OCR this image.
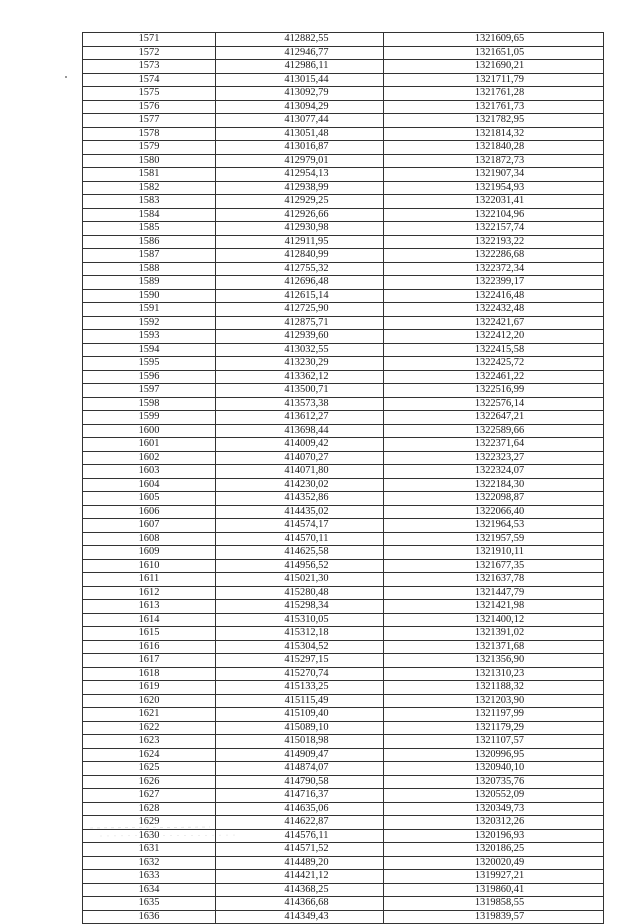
1571	412882,55	1321609,65
1572	412946,77	1321651,05
1573	412986,11	1321690,21
1574	413015,44	1321711,79
1575	413092,79	1321761,28
1576	413094,29	1321761,73
1577	413077,44	1321782,95
1578	413051,48	1321814,32
1579	413016,87	1321840,28
1580	412979,01	1321872,73
1581	412954,13	1321907,34
1582	412938,99	1321954,93
1583	412929,25	1322031,41
1584	412926,66	1322104,96
1585	412930,98	1322157,74
1586	412911,95	1322193,22
1587	412840,99	1322286,68
1588	412755,32	1322372,34
1589	412696,48	1322399,17
1590	412615,14	1322416,48
1591	412725,90	1322432,48
1592	412875,71	1322421,67
1593	412939,60	1322412,20
1594	413032,55	1322415,58
1595	413230,29	1322425,72
1596	413362,12	1322461,22
1597	413500,71	1322516,99
1598	413573,38	1322576,14
1599	413612,27	1322647,21
1600	413698,44	1322589,66
1601	414009,42	1322371,64
1602	414070,27	1322323,27
1603	414071,80	1322324,07
1604	414230,02	1322184,30
1605	414352,86	1322098,87
1606	414435,02	1322066,40
1607	414574,17	1321964,53
1608	414570,11	1321957,59
1609	414625,58	1321910,11
1610	414956,52	1321677,35
1611	415021,30	1321637,78
1612	415280,48	1321447,79
1613	415298,34	1321421,98
1614	415310,05	1321400,12
1615	415312,18	1321391,02
1616	415304,52	1321371,68
1617	415297,15	1321356,90
1618	415270,74	1321310,23
1619	415133,25	1321188,32
1620	415115,49	1321203,90
1621	415109,40	1321197,99
1622	415089,10	1321179,29
1623	415018,98	1321107,57
1624	414909,47	1320996,95
1625	414874,07	1320940,10
1626	414790,58	1320735,76
1627	414716,37	1320552,09
1628	414635,06	1320349,73
1629	414622,87	1320312,26
1630	414576,11	1320196,93
1631	414571,52	1320186,25
1632	414489,20	1320020,49
1633	414421,12	1319927,21
1634	414368,25	1319860,41
1635	414366,68	1319858,55
1636	414349,43	1319839,57
